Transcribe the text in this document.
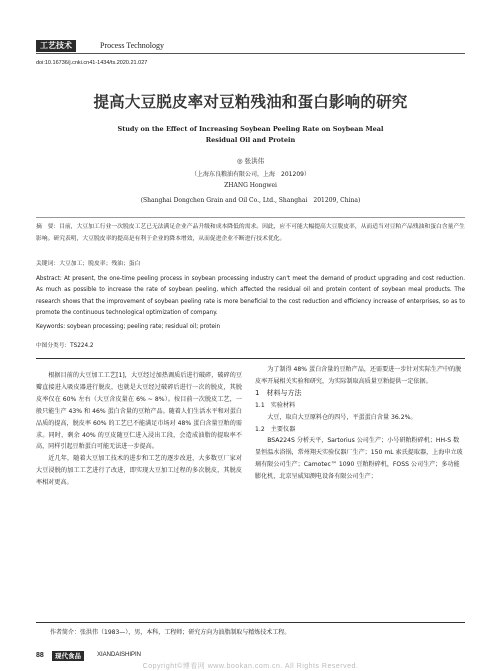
工艺技术	Process Technology
doi:10.16736/j.cnki.cn41-1434/ts.2020.21.027
提高大豆脱皮率对豆粕残油和蛋白影响的研究
Study on the Effect of Increasing Soybean Peeling Rate on Soybean Meal
Residual Oil and Protein
◎ 张洪伟
（上海东良粮油有限公司，上海　201209）
ZHANG Hongwei
(Shanghai Dongchen Grain and Oil Co., Ltd., Shanghai　201209, China)
摘　要：目前，大豆加工行业一次脱皮工艺已无法满足企业产品升级和成本降低的需求。因此，应不可能大幅提高大豆脱皮率，从而适当对豆粕产品残油和蛋白含量产生影响。研究表明，大豆脱皮率的提高是有利于企业的降本增效，从而促进企业不断进行技术优化。
关键词：大豆加工；脱皮率；残油；蛋白
Abstract: At present, the one-time peeling process in soybean processing industry can't meet the demand of product upgrading and cost reduction. As much as possible to increase the rate of soybean peeling, which affected the residual oil and protein content of soybean meal products. The research shows that the improvement of soybean peeling rate is more beneficial to the cost reduction and efficiency increase of enterprises, so as to promote the continuous technological optimization of company.
Keywords: soybean processing; peeling rate; residual oil; protein
中图分类号：TS224.2

根据目前的大豆加工工艺[1]，大豆经过加热调质后进行破碎，破碎的豆瓣直接进入吸皮器进行脱皮，也就是大豆经过破碎后进行一次的脱皮，其脱皮率仅在 60% 左右（大豆含皮量在 6% ~ 8%）。按目前一次脱皮工艺，一般只能生产 43% 和 46% 蛋白含量的豆粕产品。随着人们生活水平和对蛋白品质的提高，脱皮率 60% 的工艺已不能满足市场对 48% 蛋白含量豆粕的需求。同时，剩余 40% 的豆皮随豆仁进入浸出工段，会造成油脂的提取率不高，同样引起豆粕蛋白可能无法进一步提高。

近几年，随着大豆加工技术的进步和工艺的逐步改进，大多数豆厂家对大豆浸脱的加工工艺进行了改进，即实现大豆加工过程的多次脱皮，其脱皮率相对更高。

为了制得 48% 蛋白含量的豆粕产品，还需要进一步针对实际生产中的脱皮率开展相关实验和研究，为实际制取高质量豆粕提供一定依据。

1　材料与方法

1.1　实验材料

大豆，取自大豆原料仓的四号，平蛋蛋白含量 36.2%。

1.2　主要仪器

BSA224S 分析天平，Sartorius 公司生产；小号研粕粉碎机；HH-S 数显恒温水浴锅，常州翔天实验仪器厂生产；150 mL 索氏提取器，上海申立玻璃有限公司生产；Camotec™ 1090 豆粕粉碎机，FOSS 公司生产；多功能膨化机，北京呈威知测电设备有限公司生产；

作者简介：张洪伟（1983—），男，本科，工程师；研究方向为油脂制取与精炼技术工程。
88	现代食品	XIANDAISHIPIN
Copyright©博看网 www.bookan.com.cn. All Rights Reserved.
